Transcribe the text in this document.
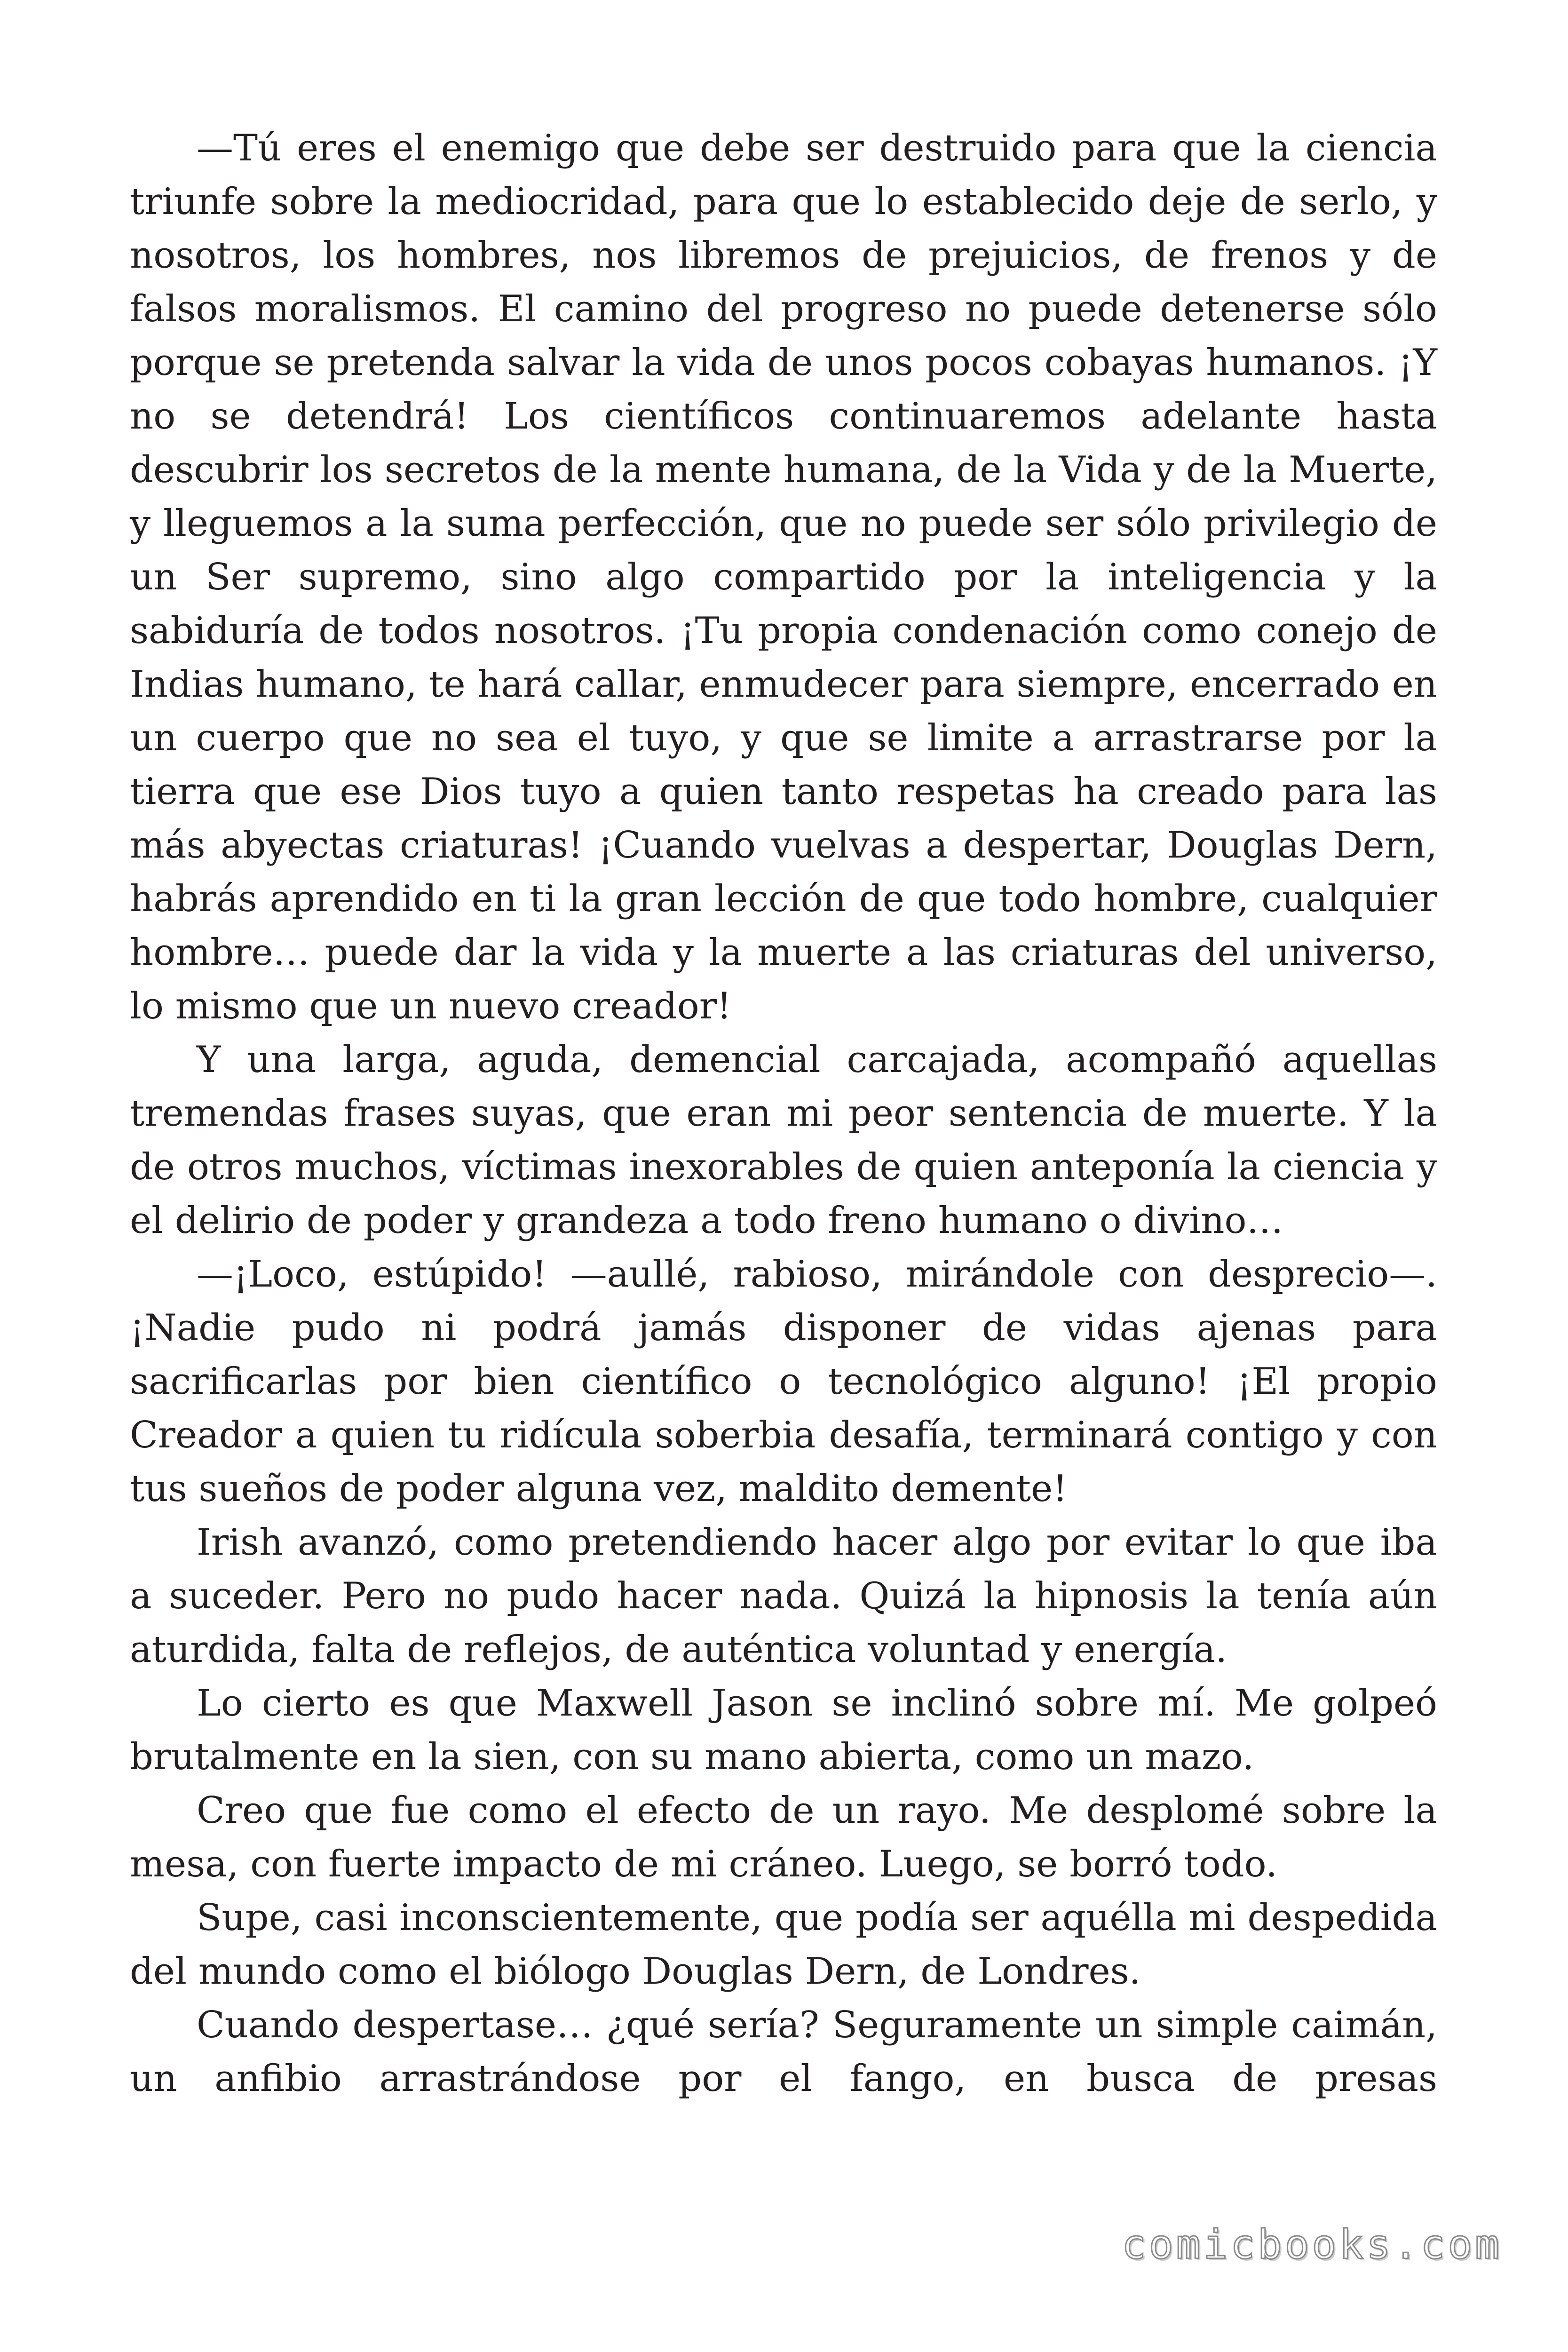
—Tú eres el enemigo que debe ser destruido para que la ciencia triunfe sobre la mediocridad, para que lo establecido deje de serlo, y nosotros, los hombres, nos libremos de prejuicios, de frenos y de falsos moralismos. El camino del progreso no puede detenerse sólo porque se pretenda salvar la vida de unos pocos cobayas humanos. ¡Y no se detendrá! Los científicos continuaremos adelante hasta descubrir los secretos de la mente humana, de la Vida y de la Muerte, y lleguemos a la suma perfección, que no puede ser sólo privilegio de un Ser supremo, sino algo compartido por la inteligencia y la sabiduría de todos nosotros. ¡Tu propia condenación como conejo de Indias humano, te hará callar, enmudecer para siempre, encerrado en un cuerpo que no sea el tuyo, y que se limite a arrastrarse por la tierra que ese Dios tuyo a quien tanto respetas ha creado para las más abyectas criaturas! ¡Cuando vuelvas a despertar, Douglas Dern, habrás aprendido en ti la gran lección de que todo hombre, cualquier hombre… puede dar la vida y la muerte a las criaturas del universo, lo mismo que un nuevo creador!

Y una larga, aguda, demencial carcajada, acompañó aquellas tremendas frases suyas, que eran mi peor sentencia de muerte. Y la de otros muchos, víctimas inexorables de quien anteponía la ciencia y el delirio de poder y grandeza a todo freno humano o divino…

—¡Loco, estúpido! —aullé, rabioso, mirándole con desprecio—. ¡Nadie pudo ni podrá jamás disponer de vidas ajenas para sacrificarlas por bien científico o tecnológico alguno! ¡El propio Creador a quien tu ridícula soberbia desafía, terminará contigo y con tus sueños de poder alguna vez, maldito demente!

Irish avanzó, como pretendiendo hacer algo por evitar lo que iba a suceder. Pero no pudo hacer nada. Quizá la hipnosis la tenía aún aturdida, falta de reflejos, de auténtica voluntad y energía.

Lo cierto es que Maxwell Jason se inclinó sobre mí. Me golpeó brutalmente en la sien, con su mano abierta, como un mazo.

Creo que fue como el efecto de un rayo. Me desplomé sobre la mesa, con fuerte impacto de mi cráneo. Luego, se borró todo.

Supe, casi inconscientemente, que podía ser aquélla mi despedida del mundo como el biólogo Douglas Dern, de Londres.

Cuando despertase… ¿qué sería? Seguramente un simple caimán, un anfibio arrastrándose por el fango, en busca de presas

comicbooks.com
